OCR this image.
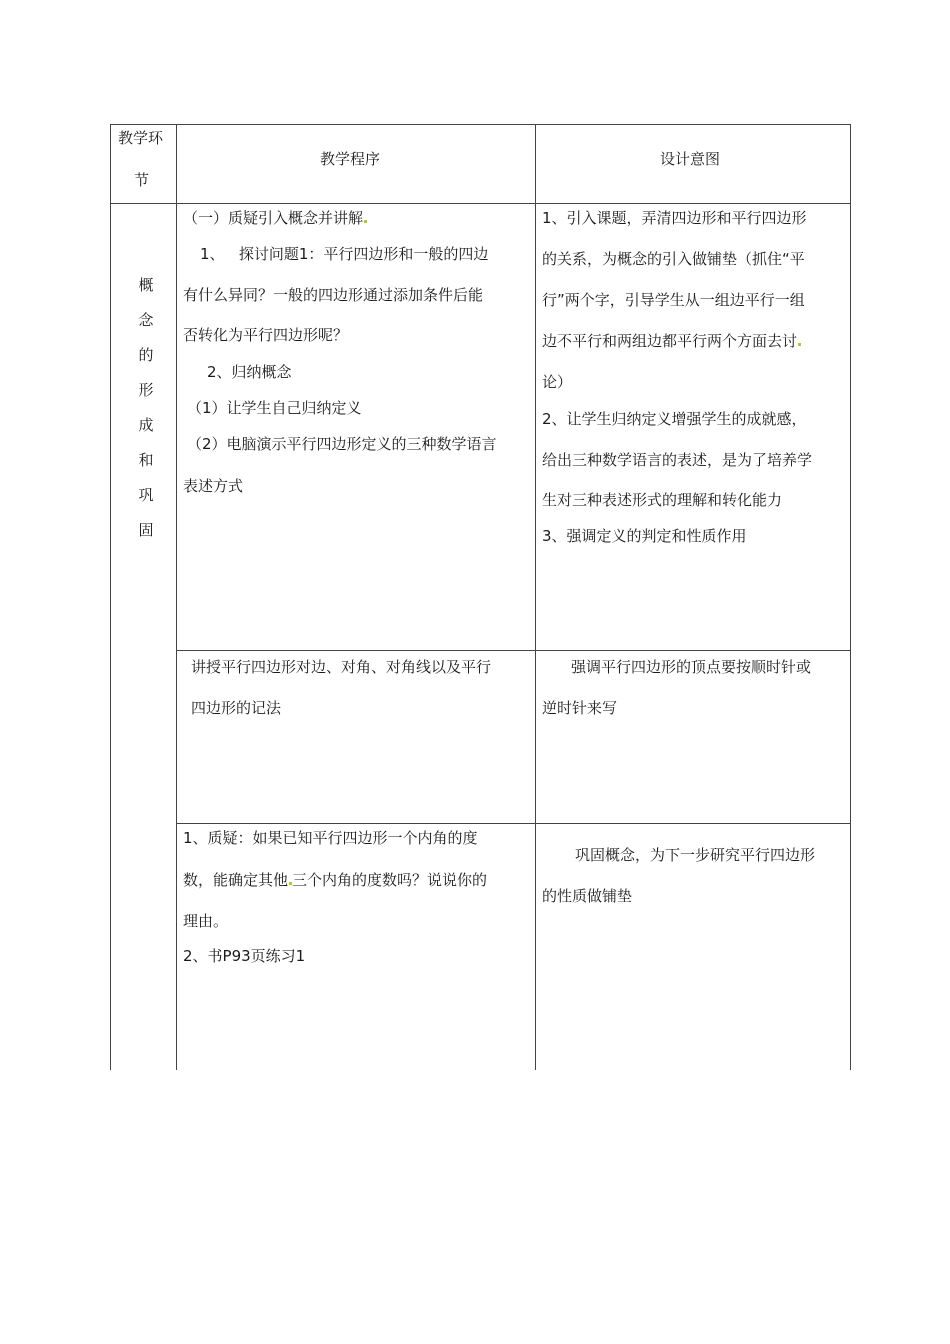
教学环
节
教学程序	设计意图
概
念
的
形
成
和
巩
固
（一）质疑引入概念并讲解
1、   探讨问题1：平行四边形和一般的四边
有什么异同？一般的四边形通过添加条件后能
否转化为平行四边形呢？
2、归纳概念
（1）让学生自己归纳定义
（2）电脑演示平行四边形定义的三种数学语言
表述方式
1、引入课题，弄清四边形和平行四边形
的关系，为概念的引入做铺垫（抓住“平
行”两个字，引导学生从一组边平行一组
边不平行和两组边都平行两个方面去讨
论）
2、让学生归纳定义增强学生的成就感，
给出三种数学语言的表述，是为了培养学
生对三种表述形式的理解和转化能力
3、强调定义的判定和性质作用
讲授平行四边形对边、对角、对角线以及平行
四边形的记法
强调平行四边形的顶点要按顺时针或
逆时针来写
1、质疑：如果已知平行四边形一个内角的度
数，能确定其他 三个内角的度数吗？说说你的
理由。
2、书P93页练习1
巩固概念，为下一步研究平行四边形
的性质做铺垫
